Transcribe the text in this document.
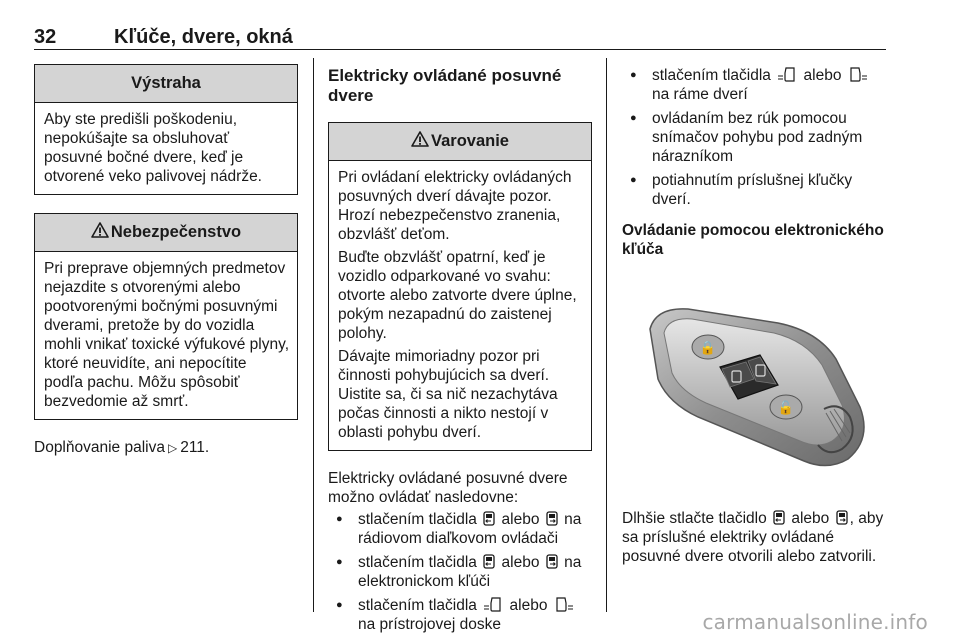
32	Kľúče, dvere, okná
Výstraha

Aby ste predišli poškodeniu, nepokúšajte sa obsluhovať posuvné bočné dvere, keď je otvorené veko palivovej nádrže.

Nebezpečenstvo

Pri preprave objemných predmetov nejazdite s otvorenými alebo pootvorenými bočnými posuvnými dverami, pretože by do vozidla mohli vnikať toxické výfukové plyny, ktoré neuvidíte, ani nepocítite podľa pachu. Môžu spôsobiť bezvedomie až smrť.

Doplňovanie paliva ▷ 211.

Elektricky ovládané posuvné dvere
Varovanie

Pri ovládaní elektricky ovládaných posuvných dverí dávajte pozor. Hrozí nebezpečenstvo zranenia, obzvlášť deťom.

Buďte obzvlášť opatrní, keď je vozidlo odparkované vo svahu: otvorte alebo zatvorte dvere úplne, pokým nezapadnú do zaistenej polohy.

Dávajte mimoriadny pozor pri činnosti pohybujúcich sa dverí. Uistite sa, či sa nič nezachytáva počas činnosti a nikto nestojí v oblasti pohybu dverí.

Elektricky ovládané posuvné dvere možno ovládať nasledovne:

● stlačením tlačidla alebo na rádiovom diaľkovom ovládači
● stlačením tlačidla alebo na elektronickom kľúči
● stlačením tlačidla alebo  na prístrojovej doske
● stlačením tlačidla alebo  na ráme dverí
● ovládaním bez rúk pomocou snímačov pohybu pod zadným nárazníkom
● potiahnutím príslušnej kľučky dverí.
Ovládanie pomocou elektronického kľúča
🔒
🔓

Dlhšie stlačte tlačidlo alebo , aby sa príslušné elektriky ovládané posuvné dvere otvorili alebo zatvorili.

carmanualsonline.info
